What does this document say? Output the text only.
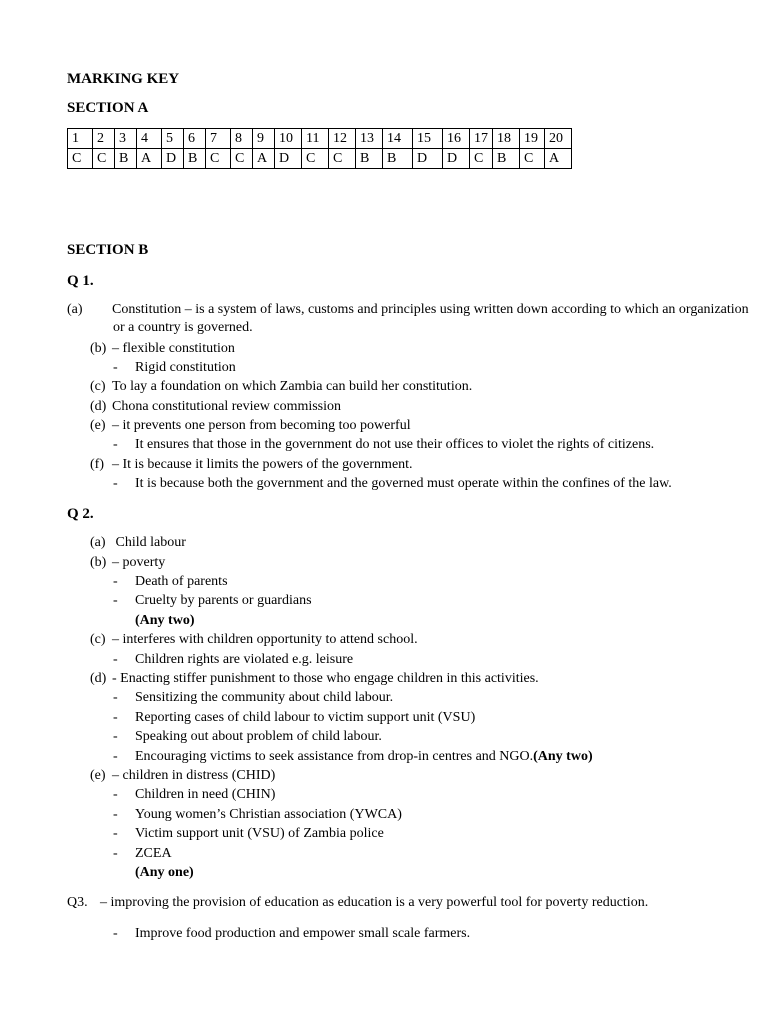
MARKING KEY
SECTION A
1	2	3	4	5	6	7	8	9	10	11	12	13	14	15	16	17	18	19	20
C	C	B	A	D	B	C	C	A	D	C	C	B	B	D	D	C	B	C	A
SECTION B
Q 1.
(a) Constitution – is a system of laws, customs and principles using written down according to which an organization or a country is governed.
(b) – flexible constitution
- Rigid constitution
(c) To lay a foundation on which Zambia can build her constitution.
(d) Chona constitutional review commission
(e) – it prevents one person from becoming too powerful
- It ensures that those in the government do not use their offices to violet the rights of citizens.
(f) – It is because it limits the powers of the government.
- It is because both the government and the governed must operate within the confines of the law.
Q 2.
(a) Child labour
(b) – poverty
- Death of parents
- Cruelty by parents or guardians
(Any two)
(c) – interferes with children opportunity to attend school.
- Children rights are violated e.g. leisure
(d) - Enacting stiffer punishment to those who engage children in this activities.
- Sensitizing the community about child labour.
- Reporting cases of child labour to victim support unit (VSU)
- Speaking out about problem of child labour.
- Encouraging victims to seek assistance from drop-in centres and NGO.(Any two)
(e) – children in distress (CHID)
- Children in need (CHIN)
- Young women’s Christian association (YWCA)
- Victim support unit (VSU) of Zambia police
- ZCEA
(Any one)
Q3. – improving the provision of education as education is a very powerful tool for poverty reduction.
- Improve food production and empower small scale farmers.
